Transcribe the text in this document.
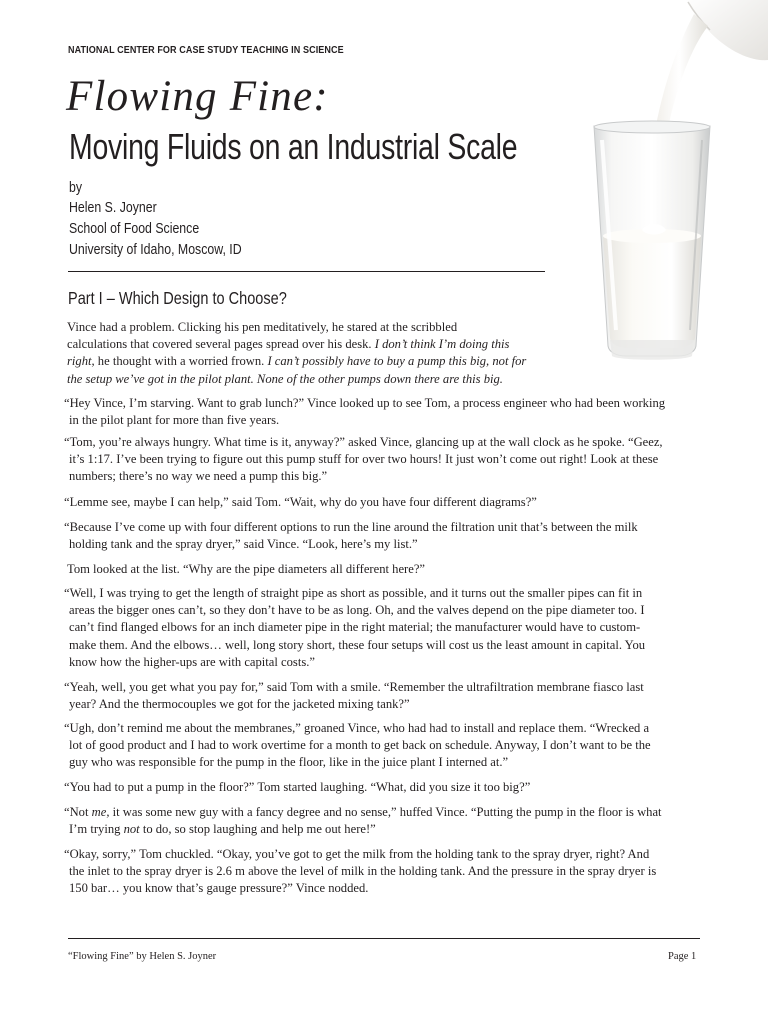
NATIONAL CENTER FOR CASE STUDY TEACHING IN SCIENCE
Flowing Fine:
Moving Fluids on an Industrial Scale
by
Helen S. Joyner
School of Food Science
University of Idaho, Moscow, ID
Part I – Which Design to Choose?

Vince had a problem. Clicking his pen meditatively, he stared at the scribbled
calculations that covered several pages spread over his desk. I don’t think I’m doing this
right, he thought with a worried frown. I can’t possibly have to buy a pump this big, not for
the setup we’ve got in the pilot plant. None of the other pumps down there are this big.

“Hey Vince, I’m starving. Want to grab lunch?” Vince looked up to see Tom, a process engineer who had been working
in the pilot plant for more than five years.

“Tom, you’re always hungry. What time is it, anyway?” asked Vince, glancing up at the wall clock as he spoke. “Geez,
it’s 1:17. I’ve been trying to figure out this pump stuff for over two hours! It just won’t come out right! Look at these
numbers; there’s no way we need a pump this big.”

“Lemme see, maybe I can help,” said Tom. “Wait, why do you have four different diagrams?”

“Because I’ve come up with four different options to run the line around the filtration unit that’s between the milk
holding tank and the spray dryer,” said Vince. “Look, here’s my list.”

Tom looked at the list. “Why are the pipe diameters all different here?”

“Well, I was trying to get the length of straight pipe as short as possible, and it turns out the smaller pipes can fit in
areas the bigger ones can’t, so they don’t have to be as long. Oh, and the valves depend on the pipe diameter too. I
can’t find flanged elbows for an inch diameter pipe in the right material; the manufacturer would have to custom-
make them. And the elbows… well, long story short, these four setups will cost us the least amount in capital. You
know how the higher-ups are with capital costs.”

“Yeah, well, you get what you pay for,” said Tom with a smile. “Remember the ultrafiltration membrane fiasco last
year? And the thermocouples we got for the jacketed mixing tank?”

“Ugh, don’t remind me about the membranes,” groaned Vince, who had had to install and replace them. “Wrecked a
lot of good product and I had to work overtime for a month to get back on schedule. Anyway, I don’t want to be the
guy who was responsible for the pump in the floor, like in the juice plant I interned at.”

“You had to put a pump in the floor?” Tom started laughing. “What, did you size it too big?”

“Not me, it was some new guy with a fancy degree and no sense,” huffed Vince. “Putting the pump in the floor is what
I’m trying not to do, so stop laughing and help me out here!”

“Okay, sorry,” Tom chuckled. “Okay, you’ve got to get the milk from the holding tank to the spray dryer, right? And
the inlet to the spray dryer is 2.6 m above the level of milk in the holding tank. And the pressure in the spray dryer is
150 bar… you know that’s gauge pressure?” Vince nodded.

“Flowing Fine” by Helen S. Joyner	Page 1
